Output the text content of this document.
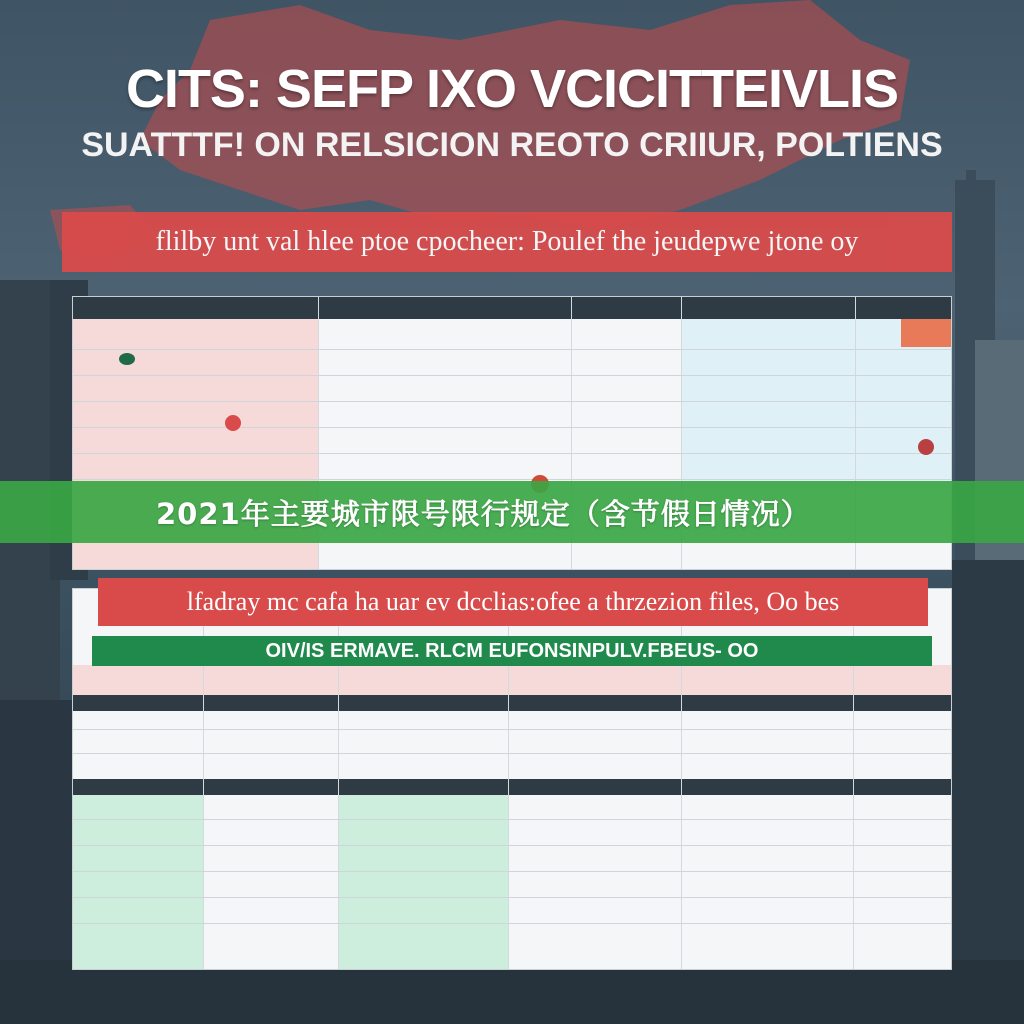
CITS: SEFP IXO VCICITTEIVLIS
SUATTTF! ON RELSICION REOTO CRIIUR, POLTIENS
flilby unt val hlee ptoe cpocheer: Poulef the jeudepwe jtone oy
2021年主要城市限号限行规定（含节假日情况）
lfadray mc cafa ha uar ev dcclias:ofee a thrzezion files, Oo bes
OIV/IS ERMAVE. RLCM EUFONSINPULV.FBEUS- OO
